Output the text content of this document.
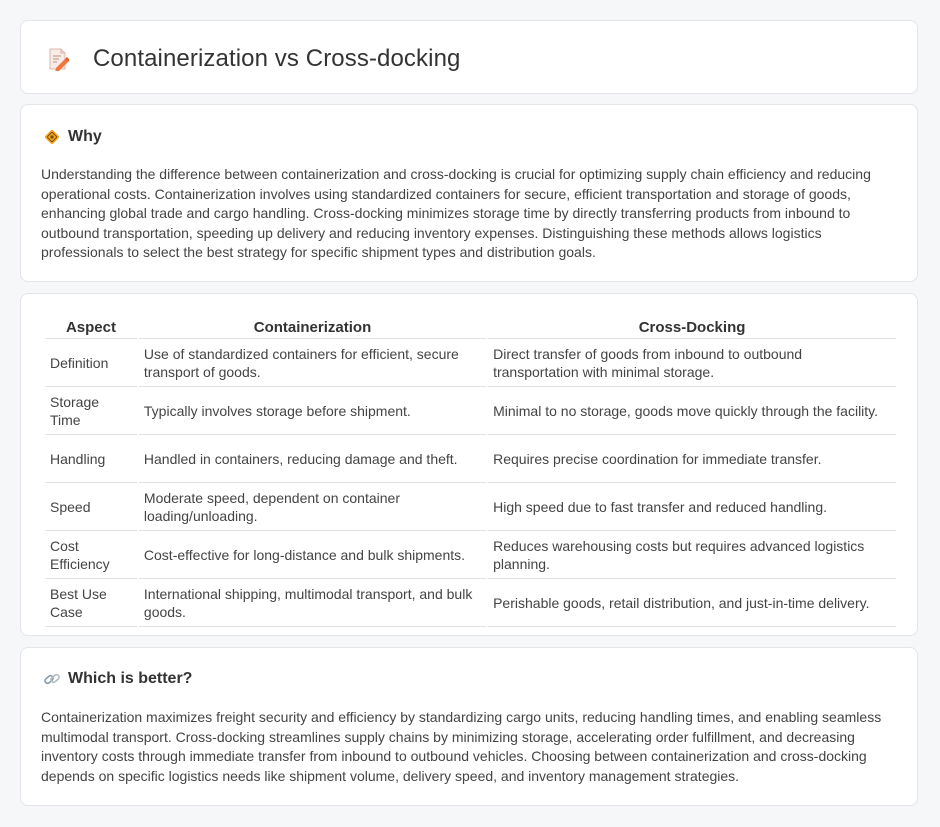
Containerization vs Cross-docking
Why
Understanding the difference between containerization and cross-docking is crucial for optimizing supply chain efficiency and reducing operational costs. Containerization involves using standardized containers for secure, efficient transportation and storage of goods, enhancing global trade and cargo handling. Cross-docking minimizes storage time by directly transferring products from inbound to outbound transportation, speeding up delivery and reducing inventory expenses. Distinguishing these methods allows logistics professionals to select the best strategy for specific shipment types and distribution goals.
Aspect	Containerization	Cross-Docking
Definition	Use of standardized containers for efficient, secure transport of goods.	Direct transfer of goods from inbound to outbound transportation with minimal storage.
Storage Time	Typically involves storage before shipment.	Minimal to no storage, goods move quickly through the facility.
Handling	Handled in containers, reducing damage and theft.	Requires precise coordination for immediate transfer.
Speed	Moderate speed, dependent on container loading/unloading.	High speed due to fast transfer and reduced handling.
Cost Efficiency	Cost-effective for long-distance and bulk shipments.	Reduces warehousing costs but requires advanced logistics planning.
Best Use Case	International shipping, multimodal transport, and bulk goods.	Perishable goods, retail distribution, and just-in-time delivery.
Which is better?
Containerization maximizes freight security and efficiency by standardizing cargo units, reducing handling times, and enabling seamless multimodal transport. Cross-docking streamlines supply chains by minimizing storage, accelerating order fulfillment, and decreasing inventory costs through immediate transfer from inbound to outbound vehicles. Choosing between containerization and cross-docking depends on specific logistics needs like shipment volume, delivery speed, and inventory management strategies.
